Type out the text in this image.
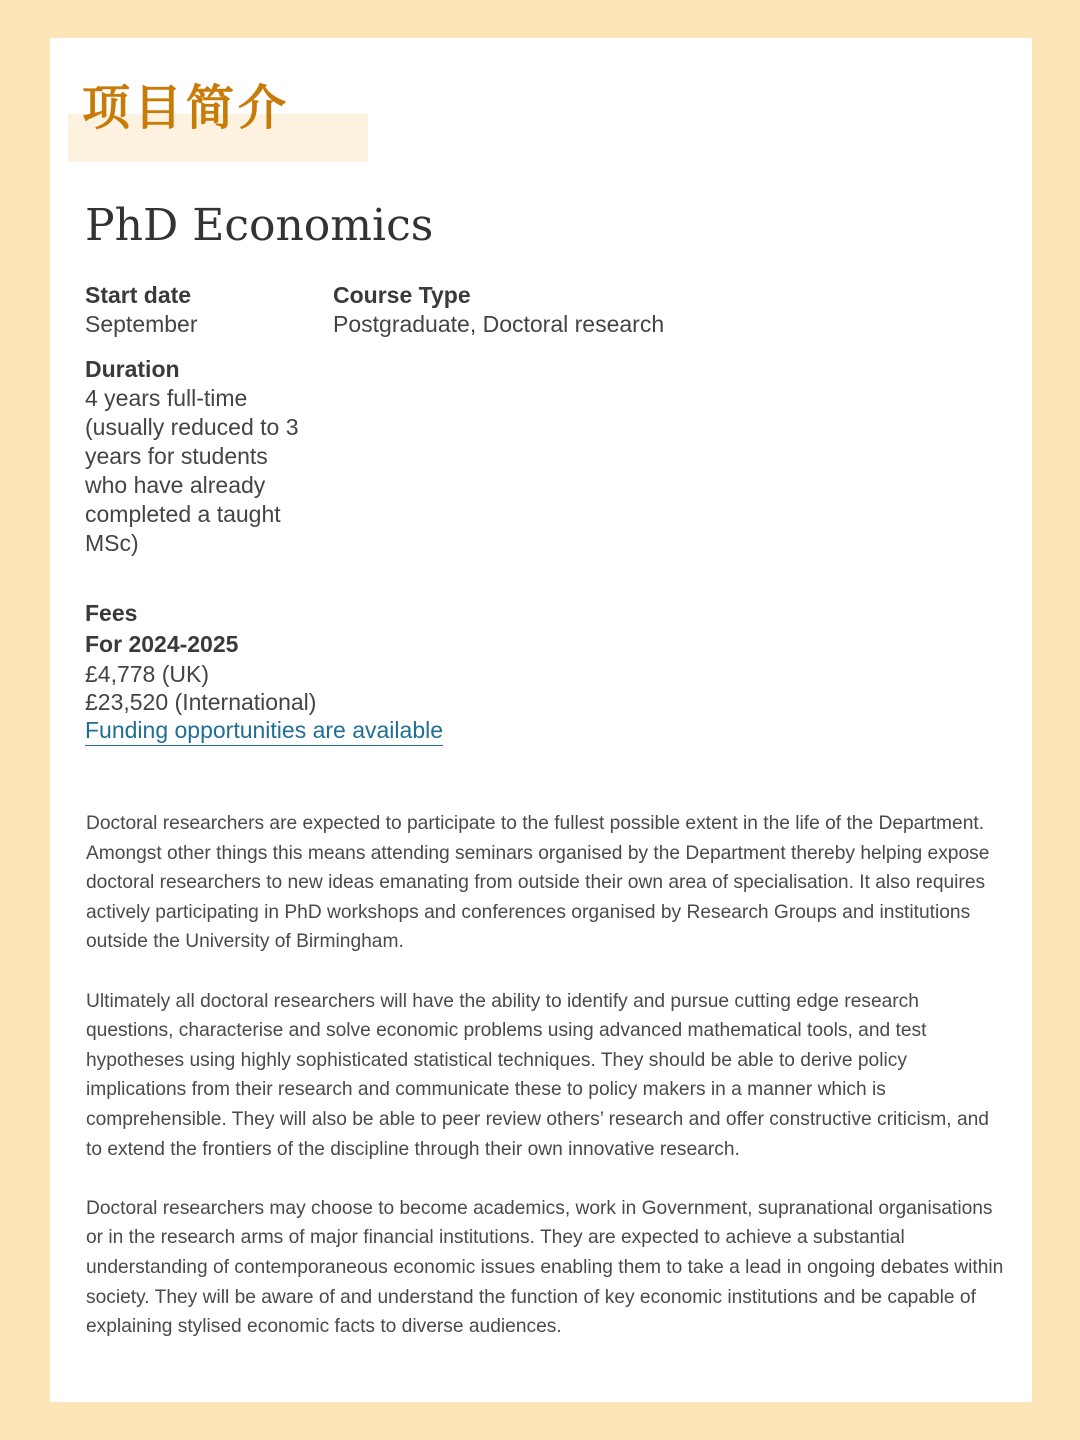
项目简介
PhD Economics
Start date
September
Course Type
Postgraduate, Doctoral research
Duration
4 years full-time (usually reduced to 3 years for students who have already completed a taught MSc)
Fees
For 2024-2025
£4,778 (UK)
£23,520 (International)
Funding opportunities are available

Doctoral researchers are expected to participate to the fullest possible extent in the life of the Department. Amongst other things this means attending seminars organised by the Department thereby helping expose doctoral researchers to new ideas emanating from outside their own area of specialisation. It also requires actively participating in PhD workshops and conferences organised by Research Groups and institutions outside the University of Birmingham.

Ultimately all doctoral researchers will have the ability to identify and pursue cutting edge research questions, characterise and solve economic problems using advanced mathematical tools, and test hypotheses using highly sophisticated statistical techniques. They should be able to derive policy implications from their research and communicate these to policy makers in a manner which is comprehensible. They will also be able to peer review others’ research and offer constructive criticism, and to extend the frontiers of the discipline through their own innovative research.

Doctoral researchers may choose to become academics, work in Government, supranational organisations or in the research arms of major financial institutions. They are expected to achieve a substantial understanding of contemporaneous economic issues enabling them to take a lead in ongoing debates within society. They will be aware of and understand the function of key economic institutions and be capable of explaining stylised economic facts to diverse audiences.
